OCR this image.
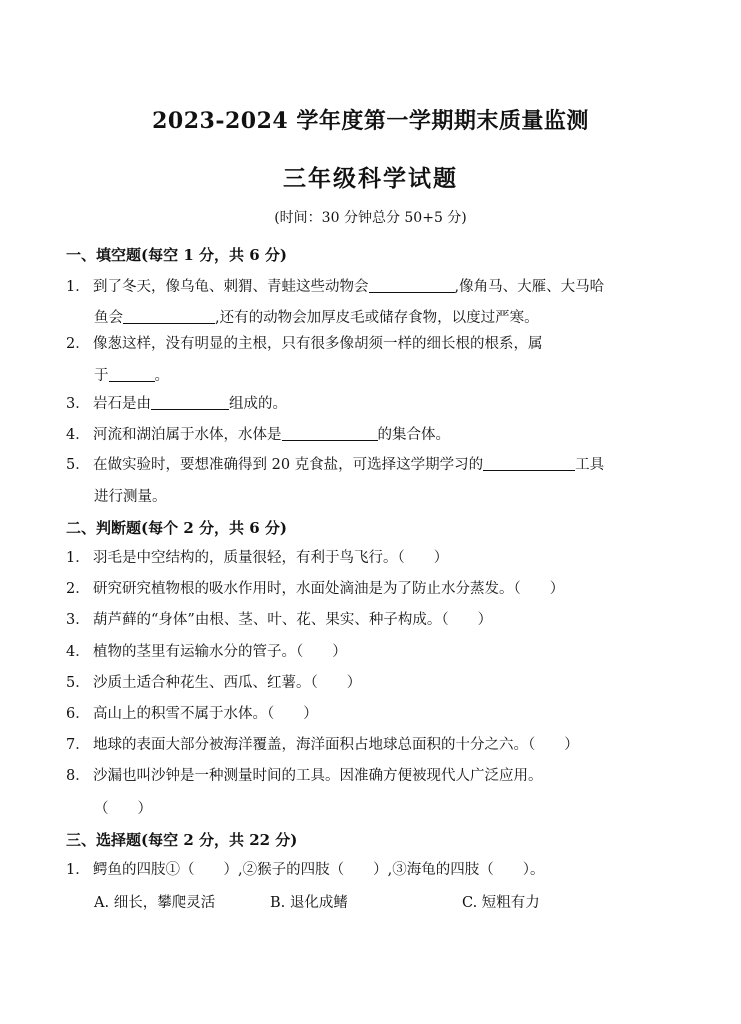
2023-2024 学年度第一学期期末质量监测
三年级科学试题
(时间：30 分钟总分 50+5 分)
一、填空题(每空 1 分，共 6 分)
1． 到了冬天，像乌龟、刺猬、青蛙这些动物会	,像角马、大雁、大马哈
鱼会	,还有的动物会加厚皮毛或储存食物，以度过严寒。
2． 像葱这样，没有明显的主根，只有很多像胡须一样的细长根的根系，属
于	。
3． 岩石是由	组成的。
4． 河流和湖泊属于水体，水体是	的集合体。
5． 在做实验时，要想准确得到 20 克食盐，可选择这学期学习的	工具
进行测量。
二、判断题(每个 2 分，共 6 分)
1． 羽毛是中空结构的，质量很轻，有利于鸟飞行。（　　）
2． 研究研究植物根的吸水作用时，水面处滴油是为了防止水分蒸发。（　　）
3． 葫芦藓的“身体”由根、茎、叶、花、果实、种子构成。（　　）
4． 植物的茎里有运输水分的管子。（　　）
5． 沙质土适合种花生、西瓜、红薯。（　　）
6． 高山上的积雪不属于水体。（　　）
7． 地球的表面大部分被海洋覆盖，海洋面积占地球总面积的十分之六。（　　）
8． 沙漏也叫沙钟是一种测量时间的工具。因准确方便被现代人广泛应用。
（　　）
三、选择题(每空 2 分，共 22 分)
1． 鳄鱼的四肢①（　　）,②猴子的四肢（　　）,③海龟的四肢（　　）。
A. 细长，攀爬灵活	B. 退化成鳍	C. 短粗有力
